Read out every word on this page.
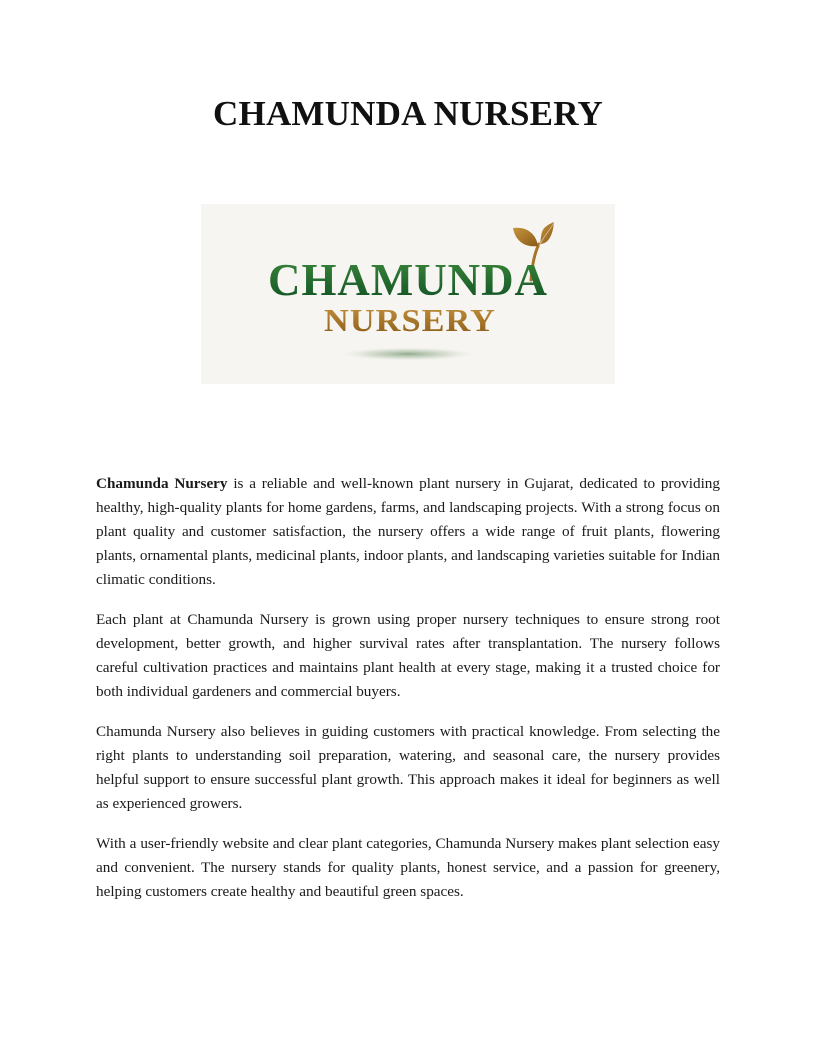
CHAMUNDA NURSERY
CHAMUNDA
NURSERY

Chamunda Nursery is a reliable and well-known plant nursery in Gujarat, dedicated to providing healthy, high-quality plants for home gardens, farms, and landscaping projects. With a strong focus on plant quality and customer satisfaction, the nursery offers a wide range of fruit plants, flowering plants, ornamental plants, medicinal plants, indoor plants, and landscaping varieties suitable for Indian climatic conditions.

Each plant at Chamunda Nursery is grown using proper nursery techniques to ensure strong root development, better growth, and higher survival rates after transplantation. The nursery follows careful cultivation practices and maintains plant health at every stage, making it a trusted choice for both individual gardeners and commercial buyers.

Chamunda Nursery also believes in guiding customers with practical knowledge. From selecting the right plants to understanding soil preparation, watering, and seasonal care, the nursery provides helpful support to ensure successful plant growth. This approach makes it ideal for beginners as well as experienced growers.

With a user-friendly website and clear plant categories, Chamunda Nursery makes plant selection easy and convenient. The nursery stands for quality plants, honest service, and a passion for greenery, helping customers create healthy and beautiful green spaces.
